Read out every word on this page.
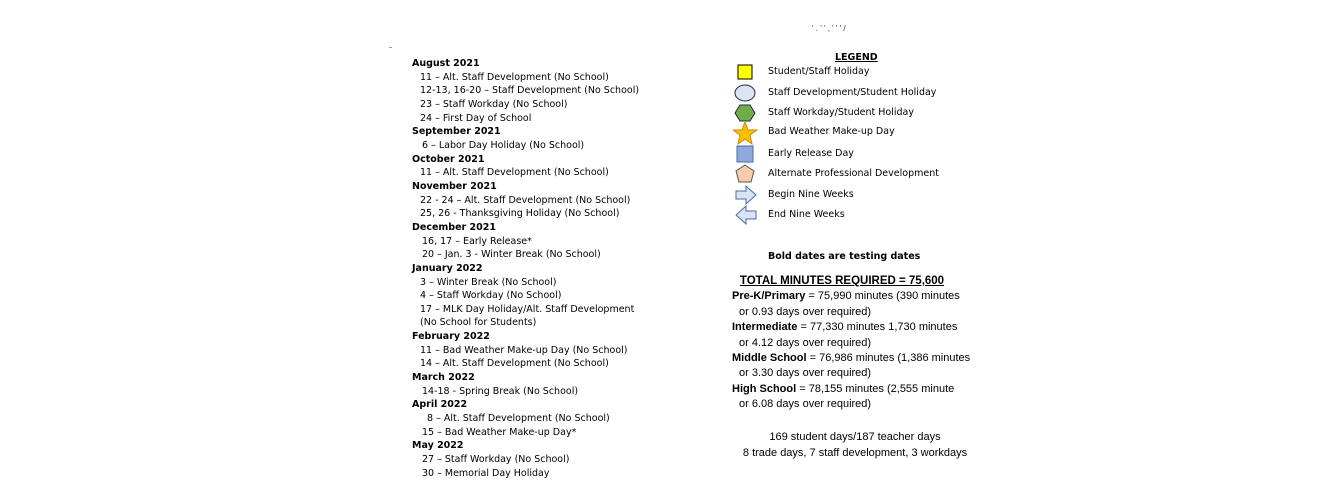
' . ' ' , ' ' ' /
August 2021
11 – Alt. Staff Development (No School)
12-13, 16-20 – Staff Development (No School)
23 – Staff Workday (No School)
24 – First Day of School
September 2021
6 – Labor Day Holiday (No School)
October 2021
11 – Alt. Staff Development (No School)
November 2021
22 - 24 – Alt. Staff Development (No School)
25, 26 - Thanksgiving Holiday (No School)
December 2021
16, 17 – Early Release*
20 – Jan. 3 - Winter Break (No School)
January 2022
3 – Winter Break (No School)
4 – Staff Workday (No School)
17 – MLK Day Holiday/Alt. Staff Development (No School for Students)
February 2022
11 – Bad Weather Make-up Day (No School)
14 – Alt. Staff Development (No School)
March 2022
14-18 - Spring Break (No School)
April 2022
8 – Alt. Staff Development (No School)
15 – Bad Weather Make-up Day*
May 2022
27 – Staff Workday (No School)
30 – Memorial Day Holiday
LEGEND
Student/Staff Holiday
Staff Development/Student Holiday
Staff Workday/Student Holiday
Bad Weather Make-up Day
Early Release Day
Alternate Professional Development
Begin Nine Weeks
End Nine Weeks
Bold dates are testing dates
TOTAL MINUTES REQUIRED = 75,600
Pre-K/Primary = 75,990 minutes (390 minutes
or 0.93 days over required)
Intermediate = 77,330 minutes 1,730 minutes
or 4.12 days over required)
Middle School = 76,986 minutes (1,386 minutes
or 3.30 days over required)
High School = 78,155 minutes (2,555 minute
or 6.08 days over required)
169 student days/187 teacher days
8 trade days, 7 staff development, 3 workdays
